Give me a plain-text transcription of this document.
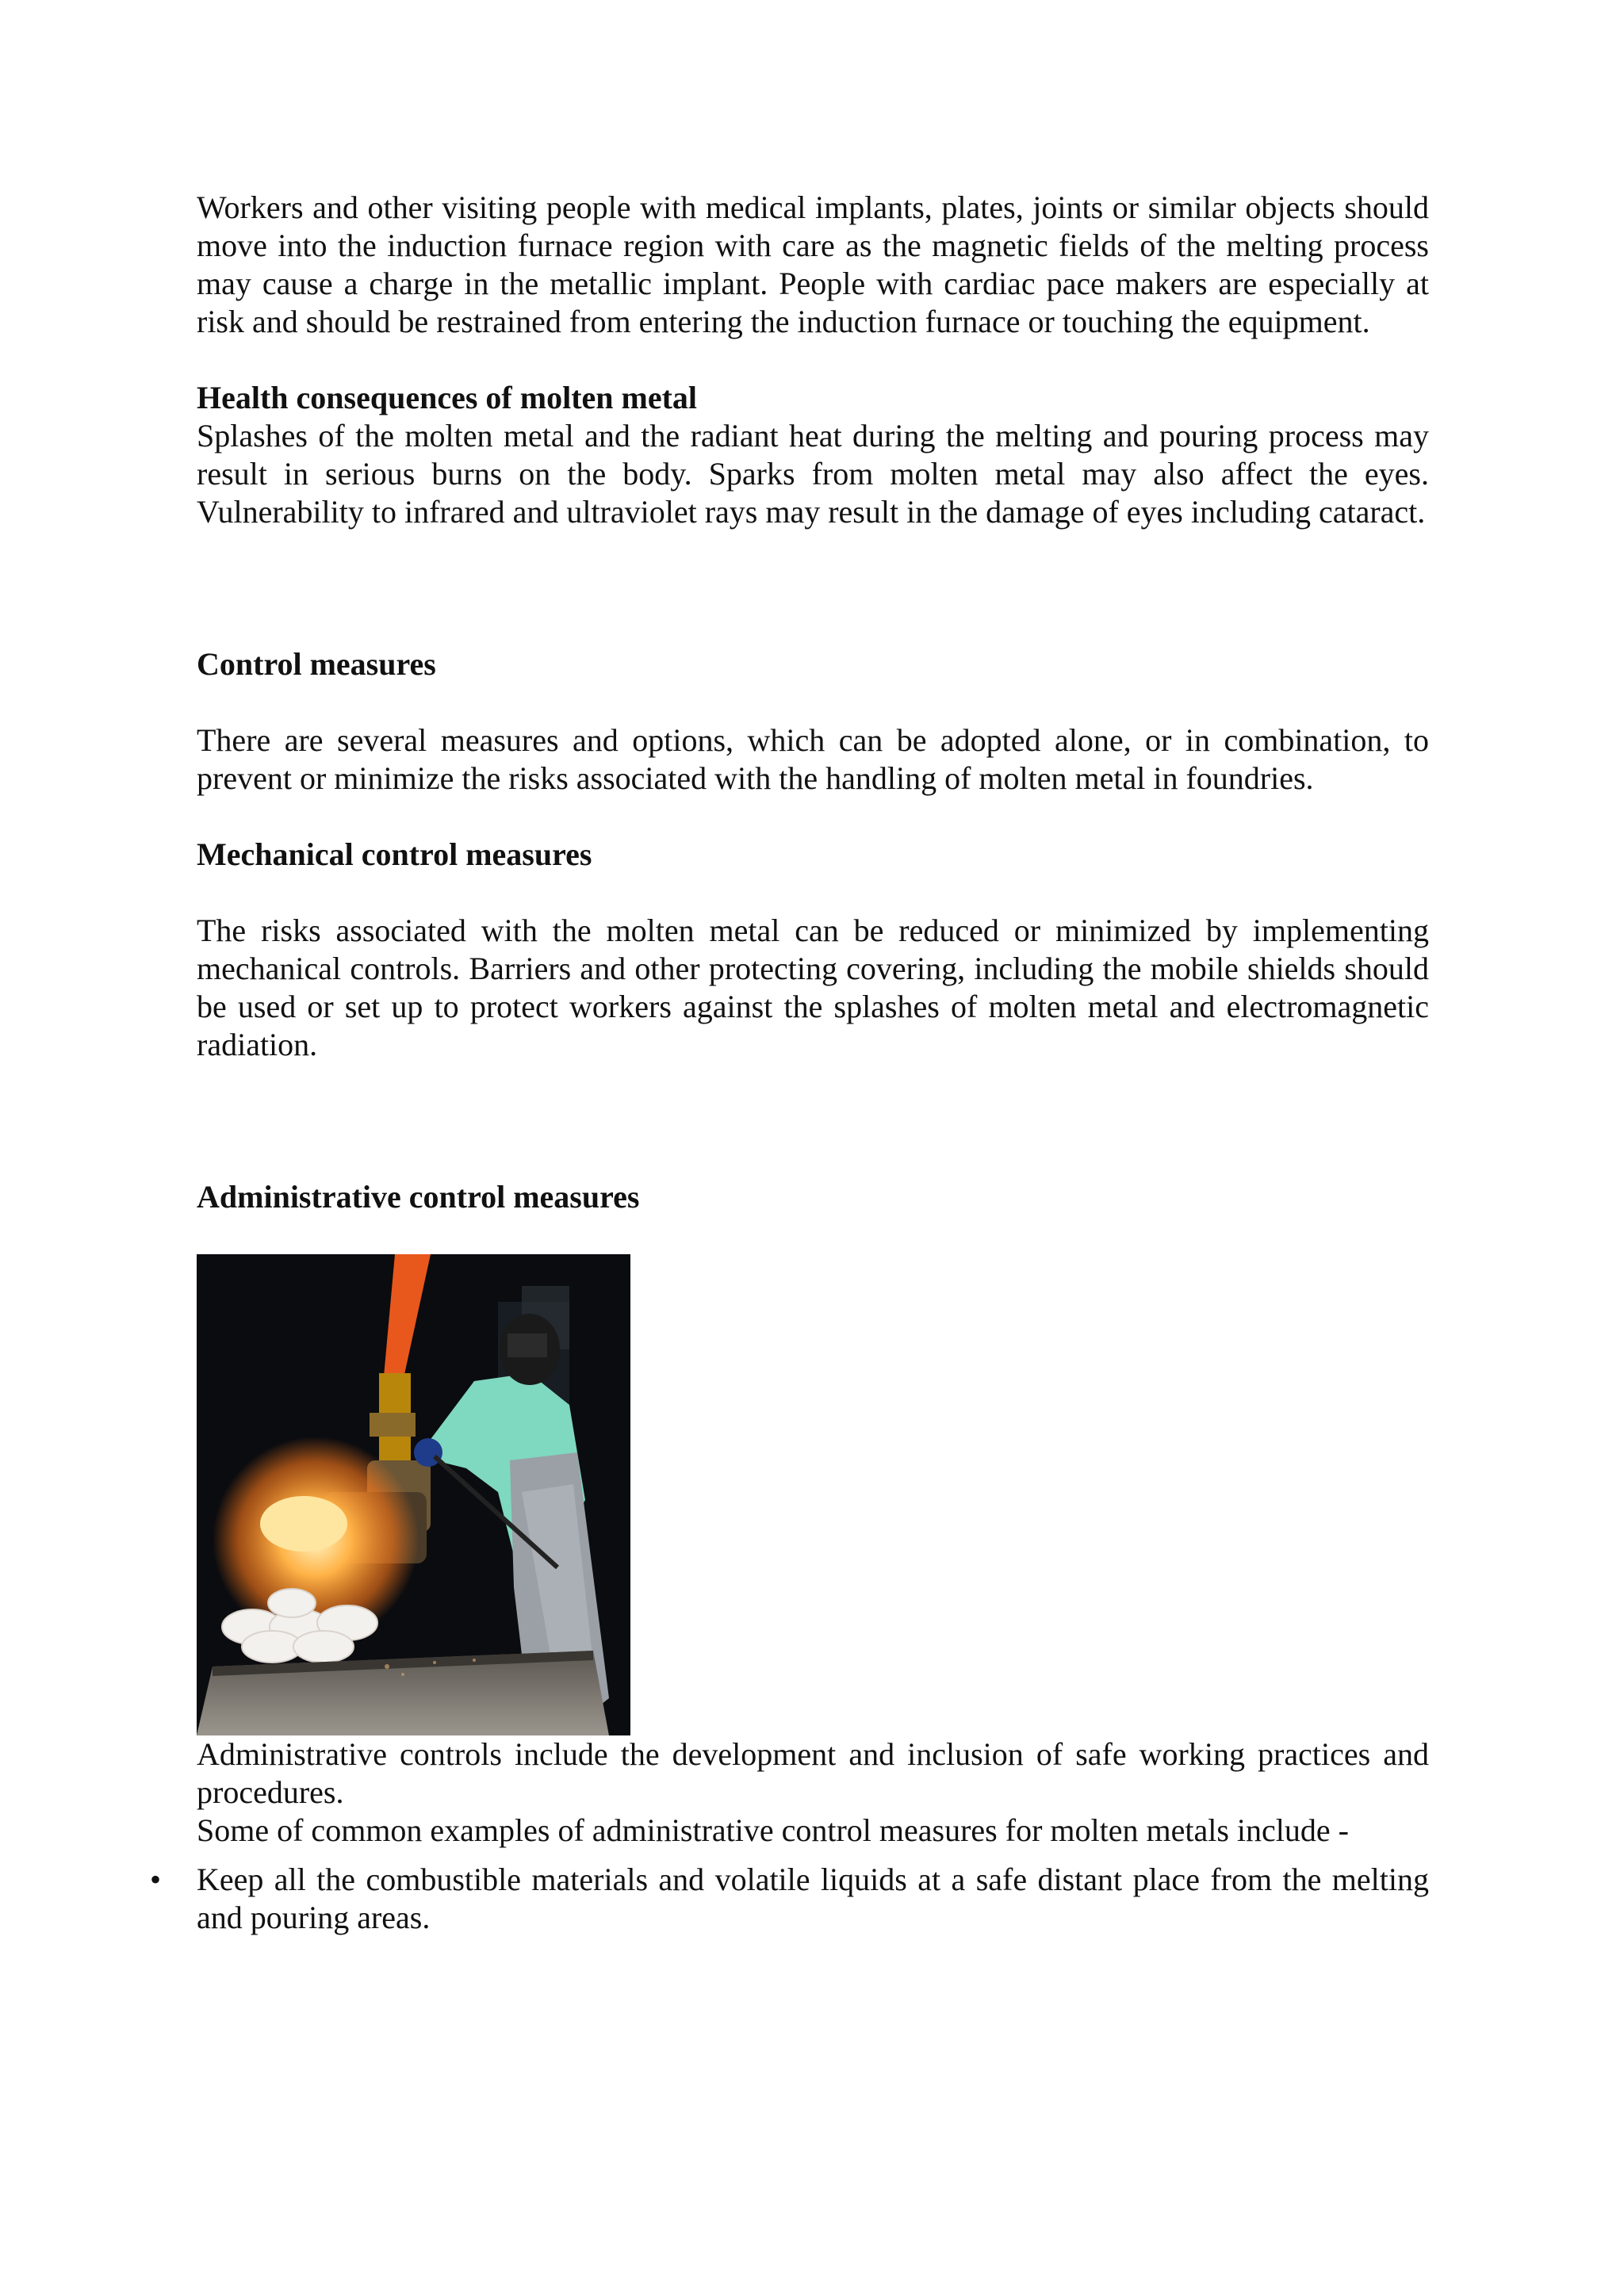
Workers and other visiting people with medical implants, plates, joints or similar objects should move into the induction furnace region with care as the magnetic fields of the melting process may cause a charge in the metallic implant. People with cardiac pace makers are especially at risk and should be restrained from entering the induction furnace or touching the equipment.

Health consequences of molten metal

Splashes of the molten metal and the radiant heat during the melting and pouring process may result in serious burns on the body. Sparks from molten metal may also affect the eyes. Vulnerability to infrared and ultraviolet rays may result in the damage of eyes including cataract.

Control measures

There are several measures and options, which can be adopted alone, or in combination, to prevent or minimize the risks associated with the handling of molten metal in foundries.

Mechanical control measures

The risks associated with the molten metal can be reduced or minimized by implementing mechanical controls. Barriers and other protecting covering, including the mobile shields should be used or set up to protect workers against the splashes of molten metal and electromagnetic radiation.

Administrative control measures

Administrative controls include the development and inclusion of safe working practices and procedures.

Some of common examples of administrative control measures for molten metals include -

• Keep all the combustible materials and volatile liquids at a safe distant place from the melting and pouring areas.
